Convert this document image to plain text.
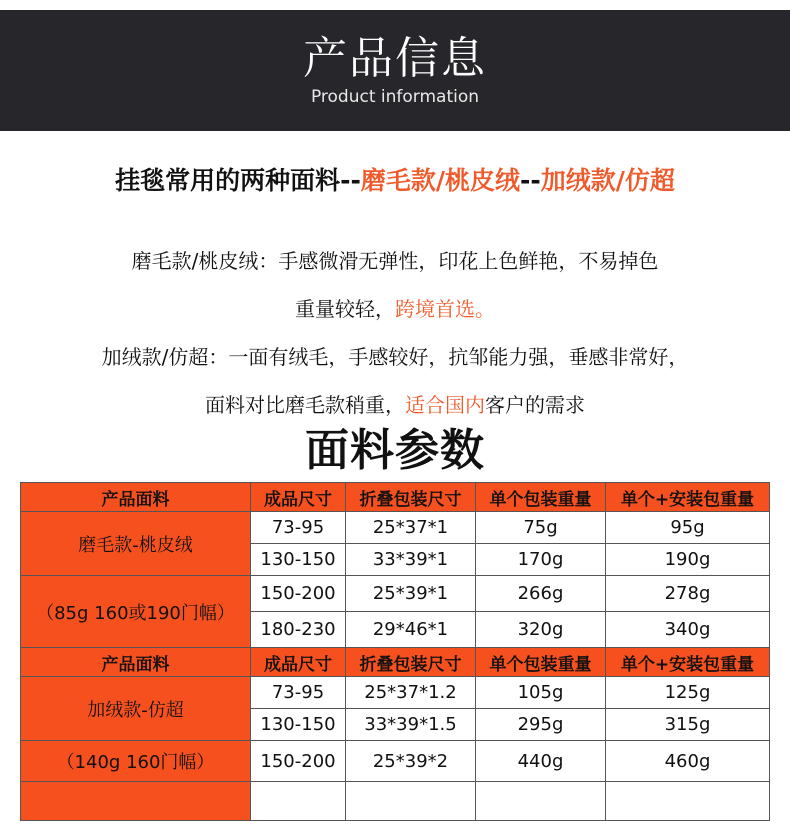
产品信息
Product information
挂毯常用的两种面料--磨毛款/桃皮绒--加绒款/仿超
磨毛款/桃皮绒：手感微滑无弹性，印花上色鲜艳，不易掉色
重量较轻，跨境首选。
加绒款/仿超：一面有绒毛，手感较好，抗邹能力强，垂感非常好，
面料对比磨毛款稍重，适合国内客户的需求
面料参数
产品面料	成品尺寸	折叠包装尺寸	单个包装重量	单个+安装包重量
磨毛款-桃皮绒	73-95	25*37*1	75g	95g
	130-150	33*39*1	170g	190g
（85g 160或190门幅）	150-200	25*39*1	266g	278g
	180-230	29*46*1	320g	340g
产品面料	成品尺寸	折叠包装尺寸	单个包装重量	单个+安装包重量
加绒款-仿超	73-95	25*37*1.2	105g	125g
	130-150	33*39*1.5	295g	315g
（140g 160门幅）	150-200	25*39*2	440g	460g
